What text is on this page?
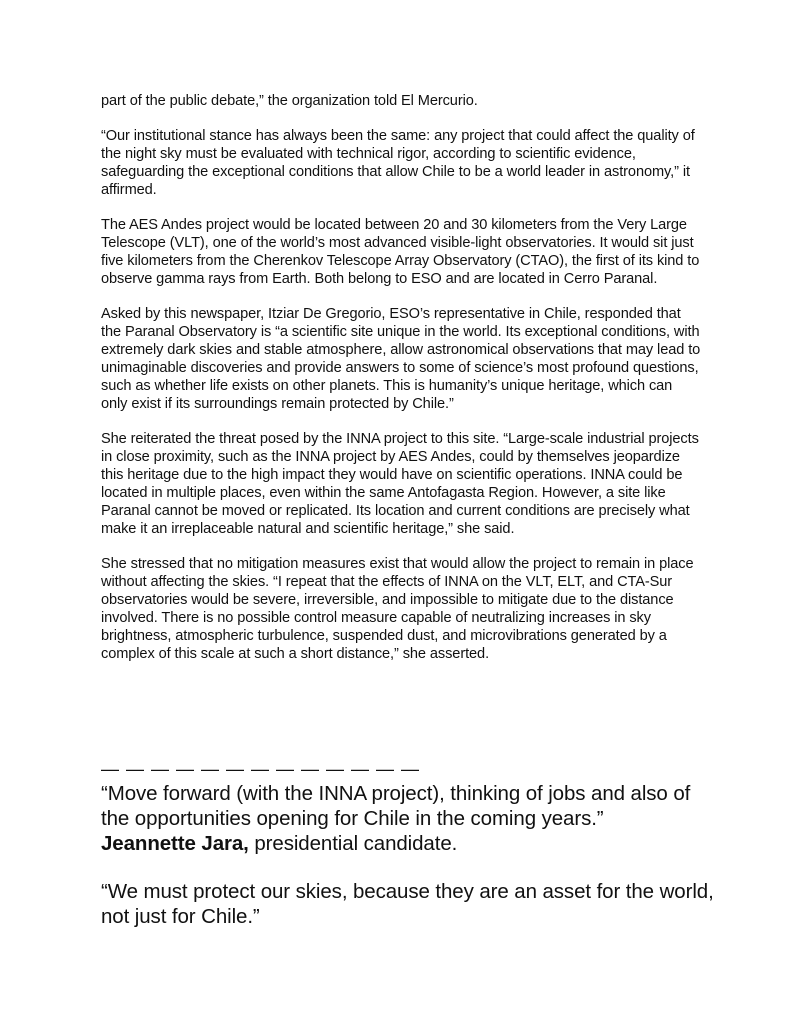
part of the public debate,” the organization told El Mercurio.

“Our institutional stance has always been the same: any project that could affect the quality of the night sky must be evaluated with technical rigor, according to scientific evidence, safeguarding the exceptional conditions that allow Chile to be a world leader in astronomy,” it affirmed.

The AES Andes project would be located between 20 and 30 kilometers from the Very Large Telescope (VLT), one of the world’s most advanced visible-light observatories. It would sit just five kilometers from the Cherenkov Telescope Array Observatory (CTAO), the first of its kind to observe gamma rays from Earth. Both belong to ESO and are located in Cerro Paranal.

Asked by this newspaper, Itziar De Gregorio, ESO’s representative in Chile, responded that the Paranal Observatory is “a scientific site unique in the world. Its exceptional conditions, with extremely dark skies and stable atmosphere, allow astronomical observations that may lead to unimaginable discoveries and provide answers to some of science’s most profound questions, such as whether life exists on other planets. This is humanity’s unique heritage, which can only exist if its surroundings remain protected by Chile.”

She reiterated the threat posed by the INNA project to this site. “Large-scale industrial projects in close proximity, such as the INNA project by AES Andes, could by themselves jeopardize this heritage due to the high impact they would have on scientific operations. INNA could be located in multiple places, even within the same Antofagasta Region. However, a site like Paranal cannot be moved or replicated. Its location and current conditions are precisely what make it an irreplaceable natural and scientific heritage,” she said.

She stressed that no mitigation measures exist that would allow the project to remain in place without affecting the skies. “I repeat that the effects of INNA on the VLT, ELT, and CTA-Sur observatories would be severe, irreversible, and impossible to mitigate due to the distance involved. There is no possible control measure capable of neutralizing increases in sky brightness, atmospheric turbulence, suspended dust, and microvibrations generated by a complex of this scale at such a short distance,” she asserted.

— — — — — — — — — — — — —

“Move forward (with the INNA project), thinking of jobs and also of the opportunities opening for Chile in the coming years.”

Jeannette Jara, presidential candidate.

“We must protect our skies, because they are an asset for the world, not just for Chile.”
